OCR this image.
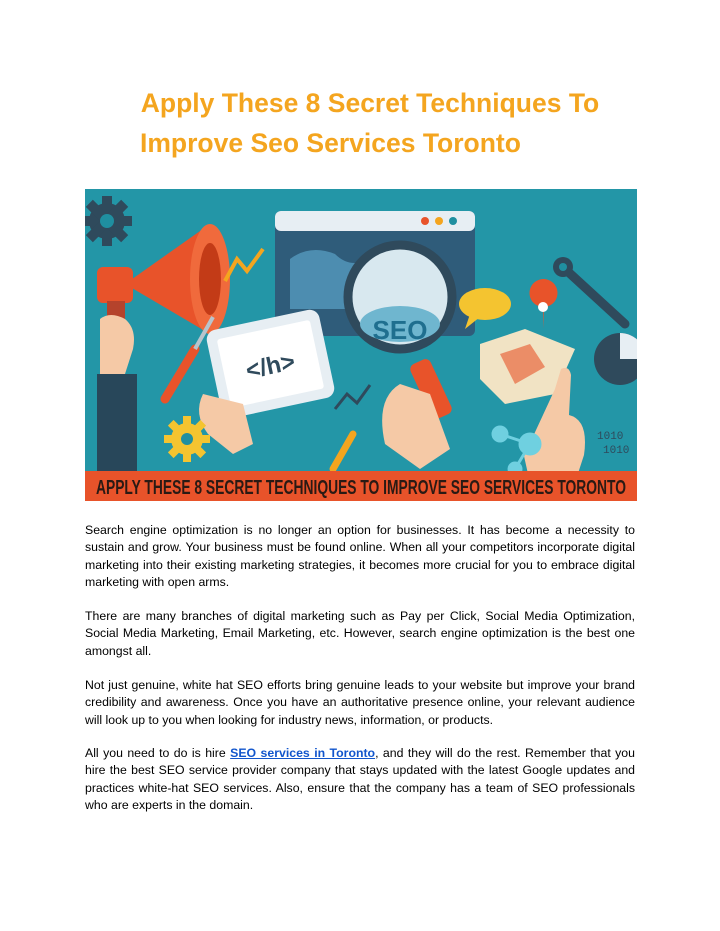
Apply These 8 Secret Techniques To
Improve Seo Services Toronto
</h>
SEO
1010
1010
APPLY THESE 8 SECRET TECHNIQUES TO IMPROVE SEO SERVICES TORONTO

Search engine optimization is no longer an option for businesses. It has become a necessity to sustain and grow. Your business must be found online. When all your competitors incorporate digital marketing into their existing marketing strategies, it becomes more crucial for you to embrace digital marketing with open arms.

There are many branches of digital marketing such as Pay per Click, Social Media Optimization, Social Media Marketing, Email Marketing, etc. However, search engine optimization is the best one amongst all.

Not just genuine, white hat SEO efforts bring genuine leads to your website but improve your brand credibility and awareness. Once you have an authoritative presence online, your relevant audience will look up to you when looking for industry news, information, or products.

All you need to do is hire SEO services in Toronto, and they will do the rest. Remember that you hire the best SEO service provider company that stays updated with the latest Google updates and practices white-hat SEO services. Also, ensure that the company has a team of SEO professionals who are experts in the domain.
